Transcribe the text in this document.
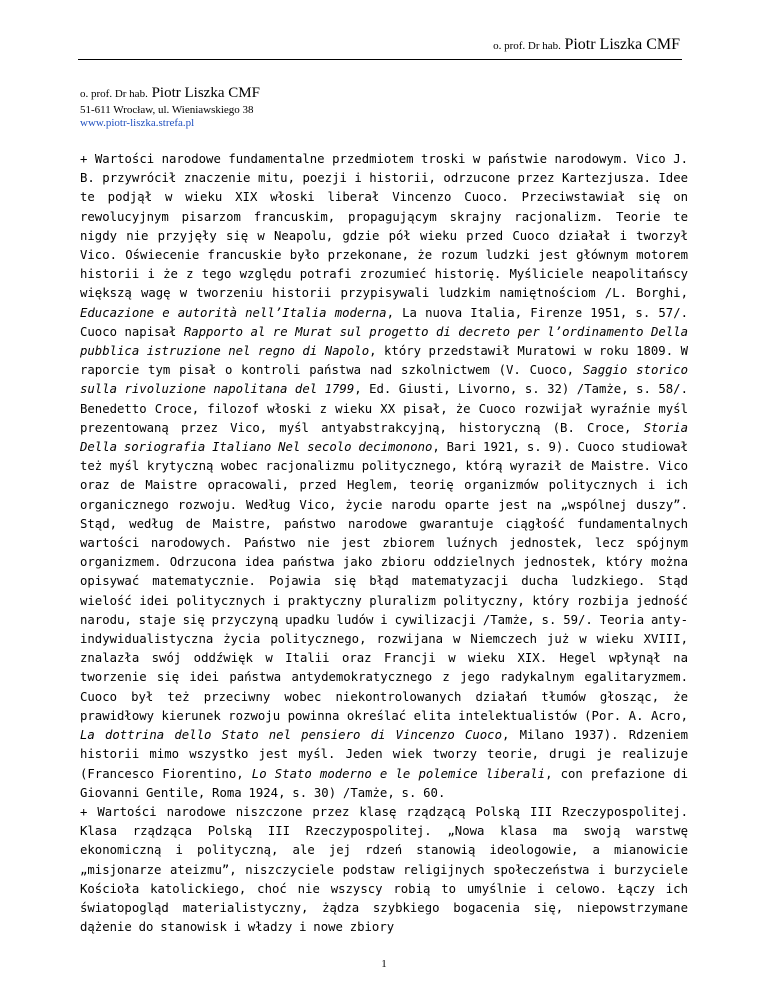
o. prof. Dr hab. Piotr Liszka CMF
o. prof. Dr hab. Piotr Liszka CMF
51-611 Wrocław, ul. Wieniawskiego 38
www.piotr-liszka.strefa.pl

+ Wartości narodowe fundamentalne przedmiotem troski w państwie narodowym. Vico J. B. przywrócił znaczenie mitu, poezji i historii, odrzucone przez Kartezjusza. Idee te podjął w wieku XIX włoski liberał Vincenzo Cuoco. Przeciwstawiał się on rewolucyjnym pisarzom francuskim, propagującym skrajny racjonalizm. Teorie te nigdy nie przyjęły się w Neapolu, gdzie pół wieku przed Cuoco działał i tworzył Vico. Oświecenie francuskie było przekonane, że rozum ludzki jest głównym motorem historii i że z tego względu potrafi zrozumieć historię. Myśliciele neapolitańscy większą wagę w tworzeniu historii przypisywali ludzkim namiętnościom /L. Borghi, Educazione e autorità nell’Italia moderna, La nuova Italia, Firenze 1951, s. 57/. Cuoco napisał Rapporto al re Murat sul progetto di decreto per l’ordinamento Della pubblica istruzione nel regno di Napolo, który przedstawił Muratowi w roku 1809. W raporcie tym pisał o kontroli państwa nad szkolnictwem (V. Cuoco, Saggio storico sulla rivoluzione napolitana del 1799, Ed. Giusti, Livorno, s. 32) /Tamże, s. 58/. Benedetto Croce, filozof włoski z wieku XX pisał, że Cuoco rozwijał wyraźnie myśl prezentowaną przez Vico, myśl antyabstrakcyjną, historyczną (B. Croce, Storia Della soriografia Italiano Nel secolo decimonono, Bari 1921, s. 9). Cuoco studiował też myśl krytyczną wobec racjonalizmu politycznego, którą wyraził de Maistre. Vico oraz de Maistre opracowali, przed Heglem, teorię organizmów politycznych i ich organicznego rozwoju. Według Vico, życie narodu oparte jest na „wspólnej duszy”. Stąd, według de Maistre, państwo narodowe gwarantuje ciągłość fundamentalnych wartości narodowych. Państwo nie jest zbiorem luźnych jednostek, lecz spójnym organizmem. Odrzucona idea państwa jako zbioru oddzielnych jednostek, który można opisywać matematycznie. Pojawia się błąd matematyzacji ducha ludzkiego. Stąd wielość idei politycznych i praktyczny pluralizm polityczny, który rozbija jedność narodu, staje się przyczyną upadku ludów i cywilizacji /Tamże, s. 59/. Teoria anty-indywidualistyczna życia politycznego, rozwijana w Niemczech już w wieku XVIII, znalazła swój oddźwięk w Italii oraz Francji w wieku XIX. Hegel wpłynął na tworzenie się idei państwa antydemokratycznego z jego radykalnym egalitaryzmem. Cuoco był też przeciwny wobec niekontrolowanych działań tłumów głosząc, że prawidłowy kierunek rozwoju powinna określać elita intelektualistów (Por. A. Acro, La dottrina dello Stato nel pensiero di Vincenzo Cuoco, Milano 1937). Rdzeniem historii mimo wszystko jest myśl. Jeden wiek tworzy teorie, drugi je realizuje (Francesco Fiorentino, Lo Stato moderno e le polemice liberali, con prefazione di Giovanni Gentile, Roma 1924, s. 30) /Tamże, s. 60.

+ Wartości narodowe niszczone przez klasę rządzącą Polską III Rzeczypospolitej. Klasa rządząca Polską III Rzeczypospolitej. „Nowa klasa ma swoją warstwę ekonomiczną i polityczną, ale jej rdzeń stanowią ideologowie, a mianowicie „misjonarze ateizmu”, niszczyciele podstaw religijnych społeczeństwa i burzyciele Kościoła katolickiego, choć nie wszyscy robią to umyślnie i celowo. Łączy ich światopogląd materialistyczny, żądza szybkiego bogacenia się, niepowstrzymane dążenie do stanowisk i władzy i nowe zbiory

1
